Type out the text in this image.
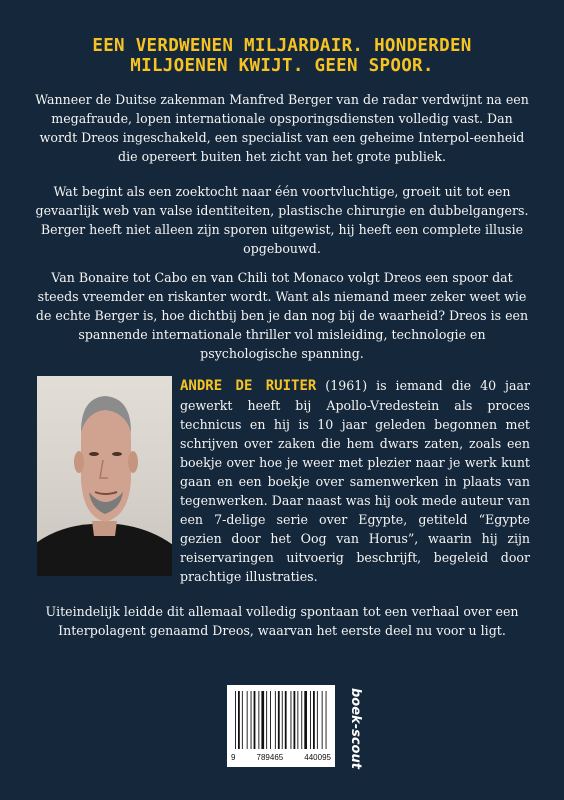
EEN VERDWENEN MILJARDAIR. HONDERDEN
MILJOENEN KWIJT. GEEN SPOOR.
Wanneer de Duitse zakenman Manfred Berger van de radar verdwijnt na een megafraude, lopen internationale opsporingsdiensten volledig vast. Dan wordt Dreos ingeschakeld, een specialist van een geheime Interpol-eenheid die opereert buiten het zicht van het grote publiek.
Wat begint als een zoektocht naar één voortvluchtige, groeit uit tot een gevaarlijk web van valse identiteiten, plastische chirurgie en dubbelgangers. Berger heeft niet alleen zijn sporen uitgewist, hij heeft een complete illusie opgebouwd.
Van Bonaire tot Cabo en van Chili tot Monaco volgt Dreos een spoor dat steeds vreemder en riskanter wordt. Want als niemand meer zeker weet wie de echte Berger is, hoe dichtbij ben je dan nog bij de waarheid? Dreos is een spannende internationale thriller vol misleiding, technologie en psychologische spanning.
ANDRE DE RUITER (1961) is iemand die 40 jaar gewerkt heeft bij Apollo-Vredestein als proces technicus en hij is 10 jaar geleden begonnen met schrijven over zaken die hem dwars zaten, zoals een boekje over hoe je weer met plezier naar je werk kunt gaan en een boekje over samenwerken in plaats van tegenwerken. Daar naast was hij ook mede auteur van een 7-delige serie over Egypte, getiteld “Egypte gezien door het Oog van Horus”, waarin hij zijn reiservaringen uitvoerig beschrijft, begeleid door prachtige illustraties.
Uiteindelijk leidde dit allemaal volledig spontaan tot een verhaal over een Interpolagent genaamd Dreos, waarvan het eerste deel nu voor u ligt.
9	789465	440095 boek-scout
